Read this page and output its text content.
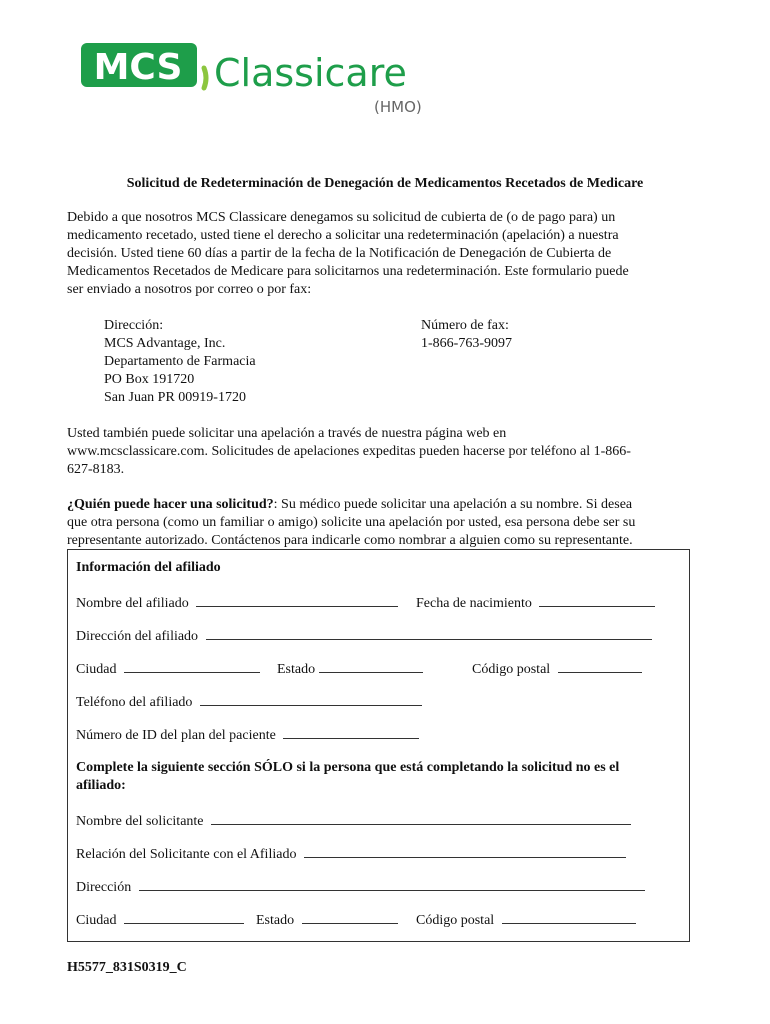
MCS Classicare
(HMO)
Solicitud de Redeterminación de Denegación de Medicamentos Recetados de Medicare
Debido a que nosotros MCS Classicare denegamos su solicitud de cubierta de (o de pago para) un
medicamento recetado, usted tiene el derecho a solicitar una redeterminación (apelación) a nuestra
decisión. Usted tiene 60 días a partir de la fecha de la Notificación de Denegación de Cubierta de
Medicamentos Recetados de Medicare para solicitarnos una redeterminación. Este formulario puede
ser enviado a nosotros por correo o por fax:
Dirección:
MCS Advantage, Inc.
Departamento de Farmacia
PO Box 191720
San Juan PR 00919-1720
Número de fax:
1-866-763-9097
Usted también puede solicitar una apelación a través de nuestra página web en
www.mcsclassicare.com. Solicitudes de apelaciones expeditas pueden hacerse por teléfono al 1-866-
627-8183.
¿Quién puede hacer una solicitud?: Su médico puede solicitar una apelación a su nombre. Si desea
que otra persona (como un familiar o amigo) solicite una apelación por usted, esa persona debe ser su
representante autorizado. Contáctenos para indicarle como nombrar a alguien como su representante.
Información del afiliado
Nombre del afiliado	Fecha de nacimiento
Dirección del afiliado
Ciudad	Estado	Código postal
Teléfono del afiliado
Número de ID del plan del paciente
Complete la siguiente sección SÓLO si la persona que está completando la solicitud no es el
afiliado:
Nombre del solicitante
Relación del Solicitante con el Afiliado
Dirección
Ciudad	Estado	Código postal
H5577_831S0319_C
